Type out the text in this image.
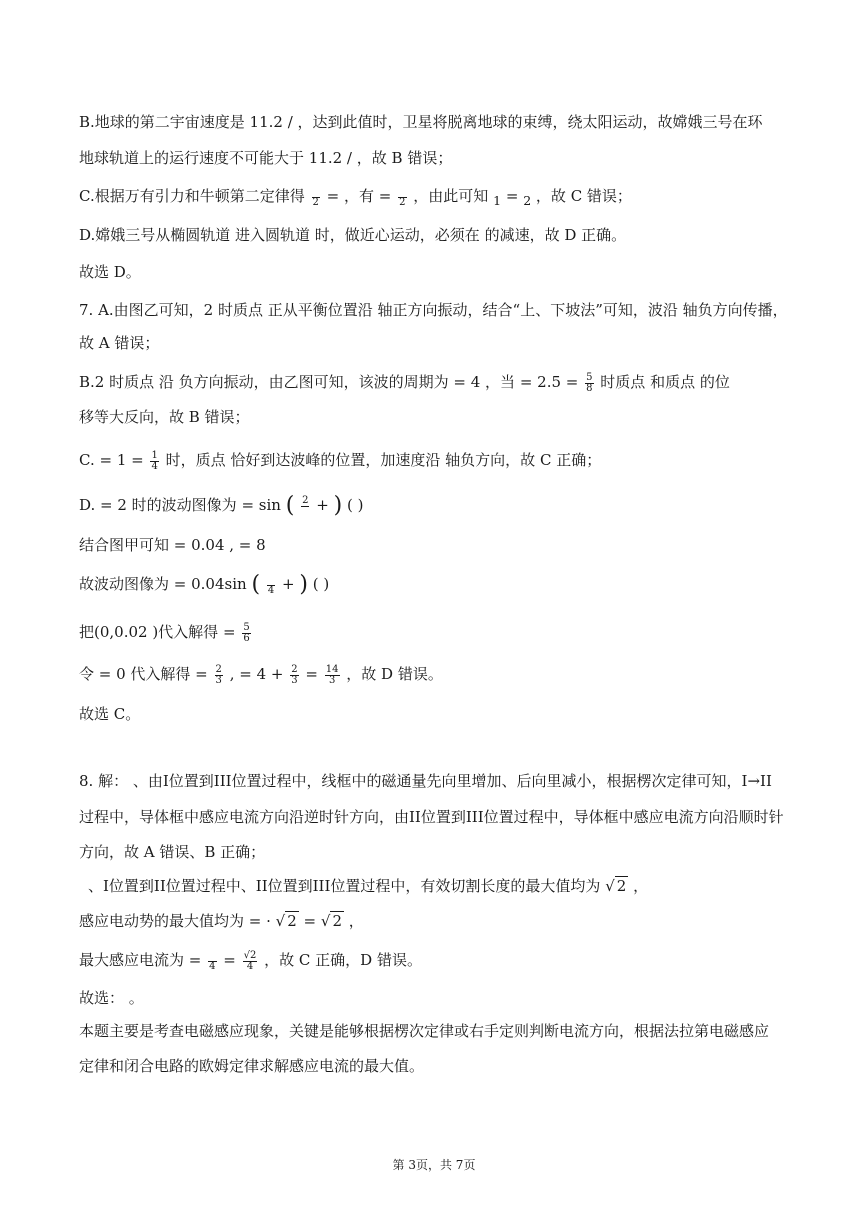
B.地球的第二宇宙速度是 11.2 / ，达到此值时，卫星将脱离地球的束缚，绕太阳运动，故嫦娥三号在环
地球轨道上的运行速度不可能大于 11.2 / ，故 B 错误；
C.根据万有引力和牛顿第二定律得
2 = ，有 =
2 ，由此可知 $_1$ = $_2$ ，故 C 错误；
D.嫦娥三号从椭圆轨道 进入圆轨道 时，做近心运动，必须在 的减速，故 D 正确。
故选 D。
7. A.由图乙可知，2 时质点 正从平衡位置沿 轴正方向振动，结合“上、下坡法”可知，波沿 轴负方向传播，
故 A 错误；
B.2 时质点 沿 负方向振动，由乙图可知，该波的周期为 = 4 ，当 = $2.5 = \frac{5}{8}$ 时质点 和质点 的位
移等大反向，故 B 错误；
C. = $1 = \frac{1}{4}$ 时，质点 恰好到达波峰的位置，加速度沿 轴负方向，故 C 正确；
D. = 2 时的波动图像为 = sin ( 2
+ ) ( )
结合图甲可知 = 0.04 , = 8
故波动图像为 = 0.04sin (
4 + ) ( )
把(0,0.02 )代入解得 = $\frac{5}{6}$
令 = 0 代入解得 = $\frac{2}{3}$ , = $4 + \frac{2}{3} = \frac{14}{3}$ ，故 D 错误。
故选 C。
8. 解： 、由I位置到III位置过程中，线框中的磁通量先向里增加、后向里减小，根据楞次定律可知，I→II
过程中，导体框中感应电流方向沿逆时针方向，由II位置到III位置过程中，导体框中感应电流方向沿顺时针
方向，故 A 错误、B 正确；
、I位置到II位置过程中、II位置到III位置过程中，有效切割长度的最大值均为 √ 2 ，
感应电动势的最大值均为 = · √ 2 = √ 2 ，
最大感应电流为 =
$4 = \frac{√2}{4}$ ，故 C 正确，D 错误。
故选： 。
本题主要是考查电磁感应现象，关键是能够根据楞次定律或右手定则判断电流方向，根据法拉第电磁感应
定律和闭合电路的欧姆定律求解感应电流的最大值。
第 3页，共 7页
